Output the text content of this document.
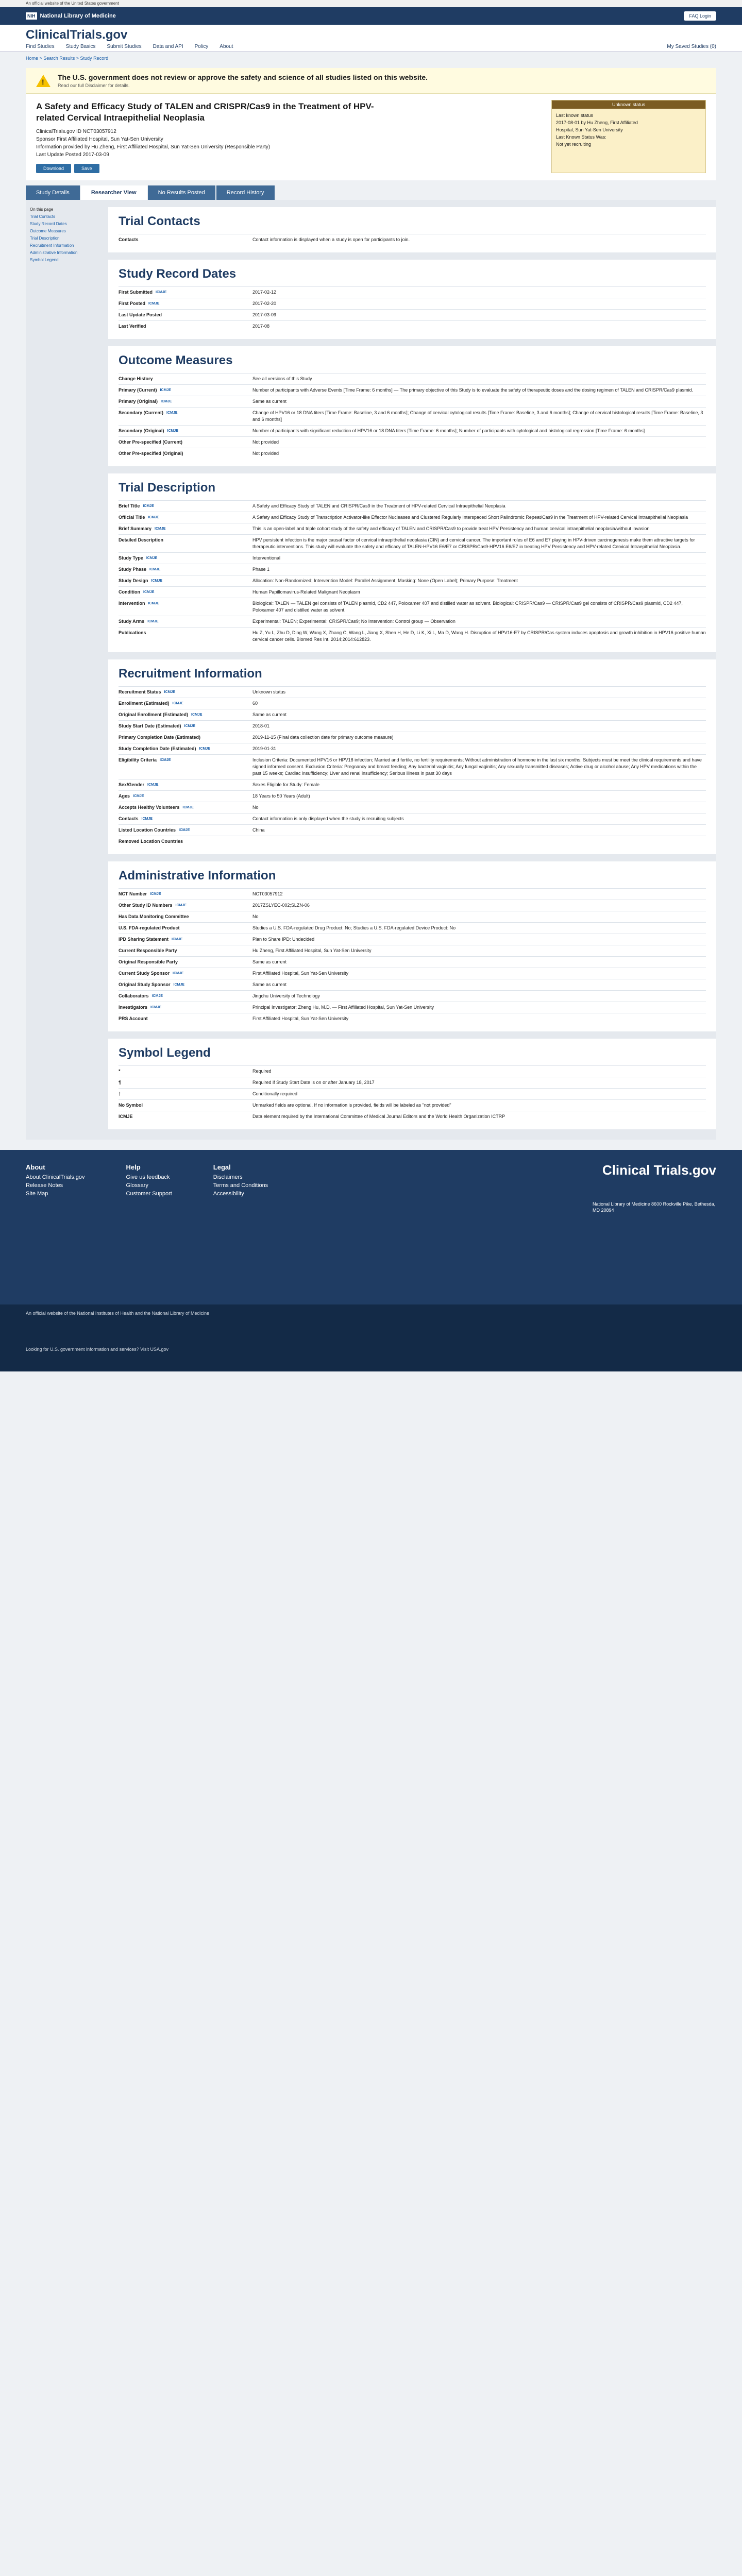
An official website of the United States government
NIH National Library of Medicine	FAQ Login
ClinicalTrials.gov
Find Studies Study Basics Submit Studies Data and API Policy About	My Saved Studies (0)
Home > Search Results > Study Record
!
The U.S. government does not review or approve the safety and science of all studies listed on this website.
Read our full Disclaimer for details.
A Safety and Efficacy Study of TALEN and CRISPR/Cas9 in the Treatment of HPV-related Cervical Intraepithelial Neoplasia
ClinicalTrials.gov ID NCT03057912
Sponsor First Affiliated Hospital, Sun Yat-Sen University
Information provided by Hu Zheng, First Affiliated Hospital, Sun Yat-Sen University (Responsible Party)
Last Update Posted 2017-03-09
Download	Save
Unknown status
Last known status
2017-08-01 by Hu Zheng, First Affiliated
Hospital, Sun Yat-Sen University
Last Known Status Was:
Not yet recruiting
Study Details	Researcher View	No Results Posted	Record History
On this page
Trial Contacts
Study Record Dates
Outcome Measures
Trial Description
Recruitment Information
Administrative Information
Symbol Legend
Trial Contacts
Contacts	Contact information is displayed when a study is open for participants to join.
Study Record Dates
First Submitted ICMJE	2017-02-12
First Posted ICMJE	2017-02-20
Last Update Posted	2017-03-09
Last Verified	2017-08
Outcome Measures
Change History	See all versions of this Study
Primary (Current) ICMJE	Number of participants with Adverse Events [Time Frame: 6 months] — The primary objective of this Study is to evaluate the safety of therapeutic doses and the dosing regimen of TALEN and CRISPR/Cas9 plasmid.
Primary (Original) ICMJE	Same as current
Secondary (Current) ICMJE	Change of HPV16 or 18 DNA titers [Time Frame: Baseline, 3 and 6 months]; Change of cervical cytological results [Time Frame: Baseline, 3 and 6 months]; Change of cervical histological results [Time Frame: Baseline, 3 and 6 months]
Secondary (Original) ICMJE	Number of participants with significant reduction of HPV16 or 18 DNA titers [Time Frame: 6 months]; Number of participants with cytological and histological regression [Time Frame: 6 months]
Other Pre-specified (Current)	Not provided
Other Pre-specified (Original)	Not provided
Trial Description
Brief Title ICMJE	A Safety and Efficacy Study of TALEN and CRISPR/Cas9 in the Treatment of HPV-related Cervical Intraepithelial Neoplasia
Official Title ICMJE	A Safety and Efficacy Study of Transcription Activator-like Effector Nucleases and Clustered Regularly Interspaced Short Palindromic Repeat/Cas9 in the Treatment of HPV-related Cervical Intraepithelial Neoplasia
Brief Summary ICMJE	This is an open-label and triple cohort study of the safety and efficacy of TALEN and CRISPR/Cas9 to provide treat HPV Persistency and human cervical intraepithelial neoplasia/without invasion
Detailed Description	HPV persistent infection is the major causal factor of cervical intraepithelial neoplasia (CIN) and cervical cancer. The important roles of E6 and E7 playing in HPV-driven carcinogenesis make them attractive targets for therapeutic interventions. This study will evaluate the safety and efficacy of TALEN-HPV16 E6/E7 or CRISPR/Cas9-HPV16 E6/E7 in treating HPV Persistency and HPV-related Cervical Intraepithelial Neoplasia.
Study Type ICMJE	Interventional
Study Phase ICMJE	Phase 1
Study Design ICMJE	Allocation: Non-Randomized; Intervention Model: Parallel Assignment; Masking: None (Open Label); Primary Purpose: Treatment
Condition ICMJE	Human Papillomavirus-Related Malignant Neoplasm
Intervention ICMJE	Biological: TALEN — TALEN gel consists of TALEN plasmid, CD2 447, Poloxamer 407 and distilled water as solvent. Biological: CRISPR/Cas9 — CRISPR/Cas9 gel consists of CRISPR/Cas9 plasmid, CD2 447, Poloxamer 407 and distilled water as solvent.
Study Arms ICMJE	Experimental: TALEN; Experimental: CRISPR/Cas9; No Intervention: Control group — Observation
Publications	Hu Z, Yu L, Zhu D, Ding W, Wang X, Zhang C, Wang L, Jiang X, Shen H, He D, Li K, Xi L, Ma D, Wang H. Disruption of HPV16-E7 by CRISPR/Cas system induces apoptosis and growth inhibition in HPV16 positive human cervical cancer cells. Biomed Res Int. 2014;2014:612823.
Recruitment Information
Recruitment Status ICMJE	Unknown status
Enrollment (Estimated) ICMJE	60
Original Enrollment (Estimated) ICMJE	Same as current
Study Start Date (Estimated) ICMJE	2018-01
Primary Completion Date (Estimated)	2019-11-15 (Final data collection date for primary outcome measure)
Study Completion Date (Estimated) ICMJE	2019-01-31
Eligibility Criteria ICMJE	Inclusion Criteria: Documented HPV16 or HPV18 infection; Married and fertile, no fertility requirements; Without administration of hormone in the last six months; Subjects must be meet the clinical requirements and have signed informed consent. Exclusion Criteria: Pregnancy and breast feeding; Any bacterial vaginitis; Any fungal vaginitis; Any sexually transmitted diseases; Active drug or alcohol abuse; Any HPV medications within the past 15 weeks; Cardiac insufficiency; Liver and renal insufficiency; Serious illness in past 30 days
Sex/Gender ICMJE	Sexes Eligible for Study: Female
Ages ICMJE	18 Years to 50 Years (Adult)
Accepts Healthy Volunteers ICMJE	No
Contacts ICMJE	Contact information is only displayed when the study is recruiting subjects
Listed Location Countries ICMJE	China
Removed Location Countries
Administrative Information
NCT Number ICMJE	NCT03057912
Other Study ID Numbers ICMJE	2017ZSLYEC-002;SLZN-06
Has Data Monitoring Committee	No
U.S. FDA-regulated Product	Studies a U.S. FDA-regulated Drug Product: No; Studies a U.S. FDA-regulated Device Product: No
IPD Sharing Statement ICMJE	Plan to Share IPD: Undecided
Current Responsible Party	Hu Zheng, First Affiliated Hospital, Sun Yat-Sen University
Original Responsible Party	Same as current
Current Study Sponsor ICMJE	First Affiliated Hospital, Sun Yat-Sen University
Original Study Sponsor ICMJE	Same as current
Collaborators ICMJE	Jingchu University of Technology
Investigators ICMJE	Principal Investigator: Zheng Hu, M.D. — First Affiliated Hospital, Sun Yat-Sen University
PRS Account	First Affiliated Hospital, Sun Yat-Sen University
Symbol Legend
*	Required
¶	Required if Study Start Date is on or after January 18, 2017
†	Conditionally required
No Symbol	Unmarked fields are optional. If no information is provided, fields will be labeled as "not provided"
ICMJE	Data element required by the International Committee of Medical Journal Editors and the World Health Organization ICTRP
About
About ClinicalTrials.gov
Release Notes
Site Map
Help
Give us feedback
Glossary
Customer Support
Legal
Disclaimers
Terms and Conditions
Accessibility
Clinical Trials.gov
National Library of Medicine 8600 Rockville Pike, Bethesda, MD 20894
An official website of the National Institutes of Health and the National Library of Medicine
Looking for U.S. government information and services? Visit USA.gov
